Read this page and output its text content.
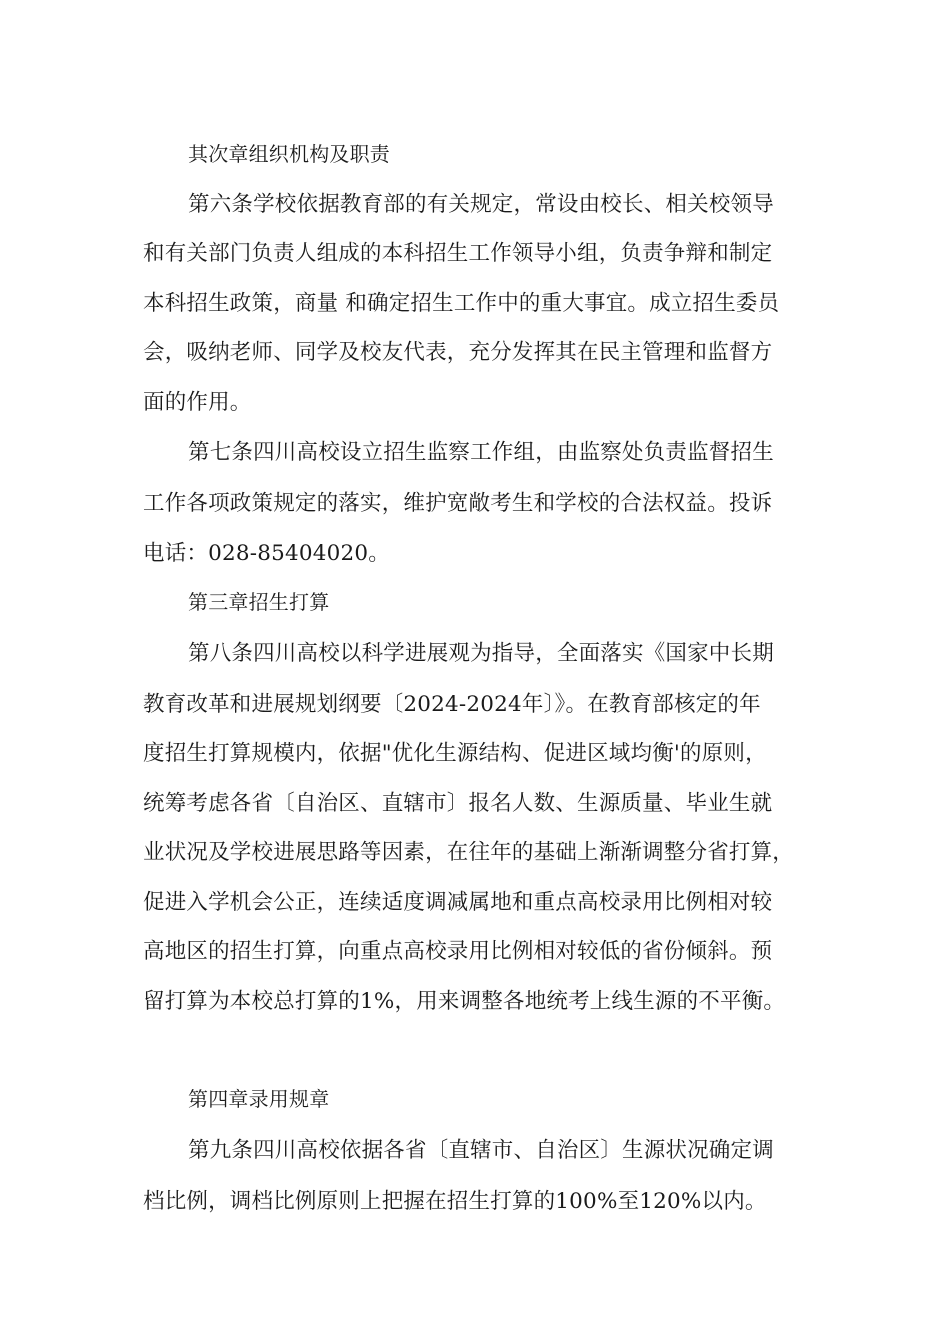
其次章组织机构及职责
第六条学校依据教育部的有关规定，常设由校长、相关校领导
和有关部门负责人组成的本科招生工作领导小组，负责争辩和制定
本科招生政策，商量 和确定招生工作中的重大事宜。成立招生委员
会，吸纳老师、同学及校友代表，充分发挥其在民主管理和监督方
面的作用。
第七条四川高校设立招生监察工作组，由监察处负责监督招生
工作各项政策规定的落实，维护宽敞考生和学校的合法权益。投诉
电话：028-85404020。
第三章招生打算
第八条四川高校以科学进展观为指导，全面落实《国家中长期
教育改革和进展规划纲要〔2024-2024年〕》。在教育部核定的年
度招生打算规模内，依据"优化生源结构、促进区域均衡'的原则，
统筹考虑各省〔自治区、直辖市〕报名人数、生源质量、毕业生就
业状况及学校进展思路等因素，在往年的基础上渐渐调整分省打算，
促进入学机会公正，连续适度调减属地和重点高校录用比例相对较
高地区的招生打算，向重点高校录用比例相对较低的省份倾斜。预
留打算为本校总打算的1%，用来调整各地统考上线生源的不平衡。
第四章录用规章
第九条四川高校依据各省〔直辖市、自治区〕生源状况确定调
档比例，调档比例原则上把握在招生打算的100%至120%以内。
